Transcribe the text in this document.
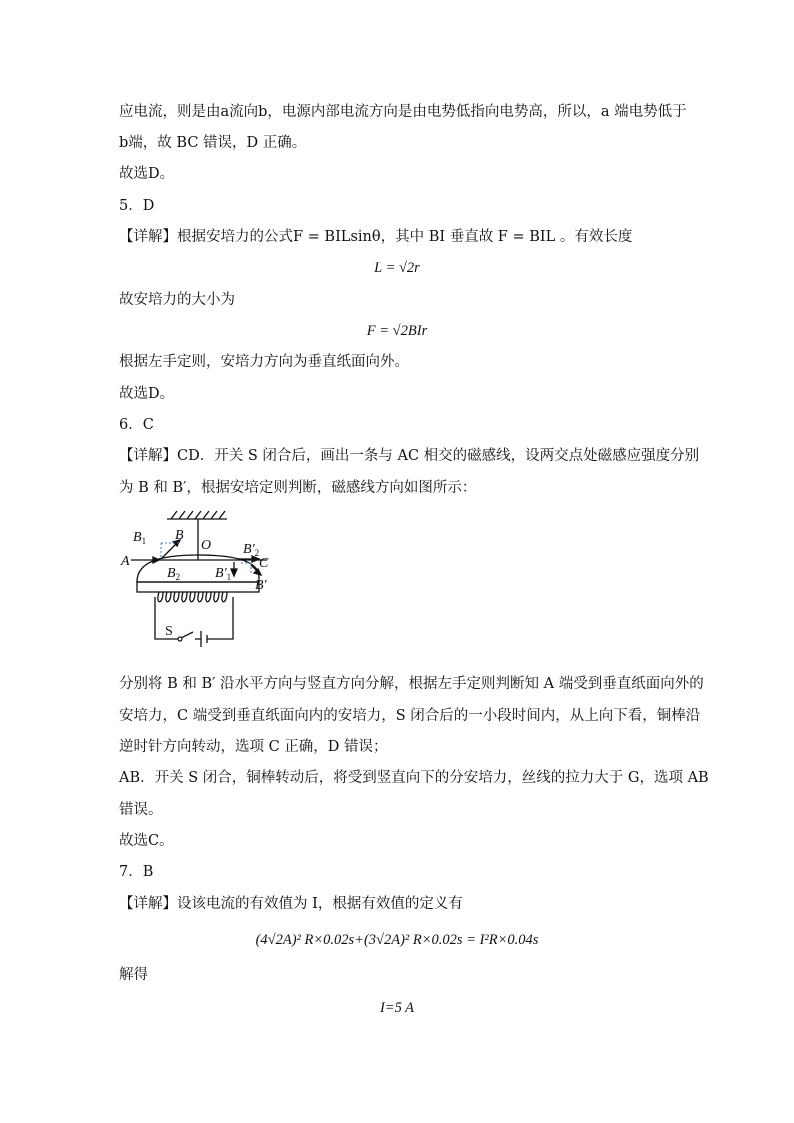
应电流，则是由a流向b，电源内部电流方向是由电势低指向电势高，所以，a 端电势低于
b端，故 BC 错误，D 正确。
故选D。
5．D
【详解】根据安培力的公式F = BILsinθ，其中 BI 垂直故 F = BIL 。有效长度
L = √2r
故安培力的大小为
F = √2BIr
根据左手定则，安培力方向为垂直纸面向外。
故选D。
6．C
【详解】CD．开关 S 闭合后，画出一条与 AC 相交的磁感线，设两交点处磁感应强度分别
为 B 和 B′，根据安培定则判断，磁感线方向如图所示：
$B_1$ B
O $B'_2$
C
A
$B_2$ $B'_1$
B′
S
分别将 B 和 B′ 沿水平方向与竖直方向分解，根据左手定则判断知 A 端受到垂直纸面向外的
安培力，C 端受到垂直纸面向内的安培力，S 闭合后的一小段时间内，从上向下看，铜棒沿
逆时针方向转动，选项 C 正确，D 错误；
AB．开关 S 闭合，铜棒转动后，将受到竖直向下的分安培力，丝线的拉力大于 G，选项 AB
错误。
故选C。
7．B
【详解】设该电流的有效值为 I，根据有效值的定义有
(4√2A)² R×0.02s+(3√2A)² R×0.02s = I²R×0.04s
解得
I=5 A
